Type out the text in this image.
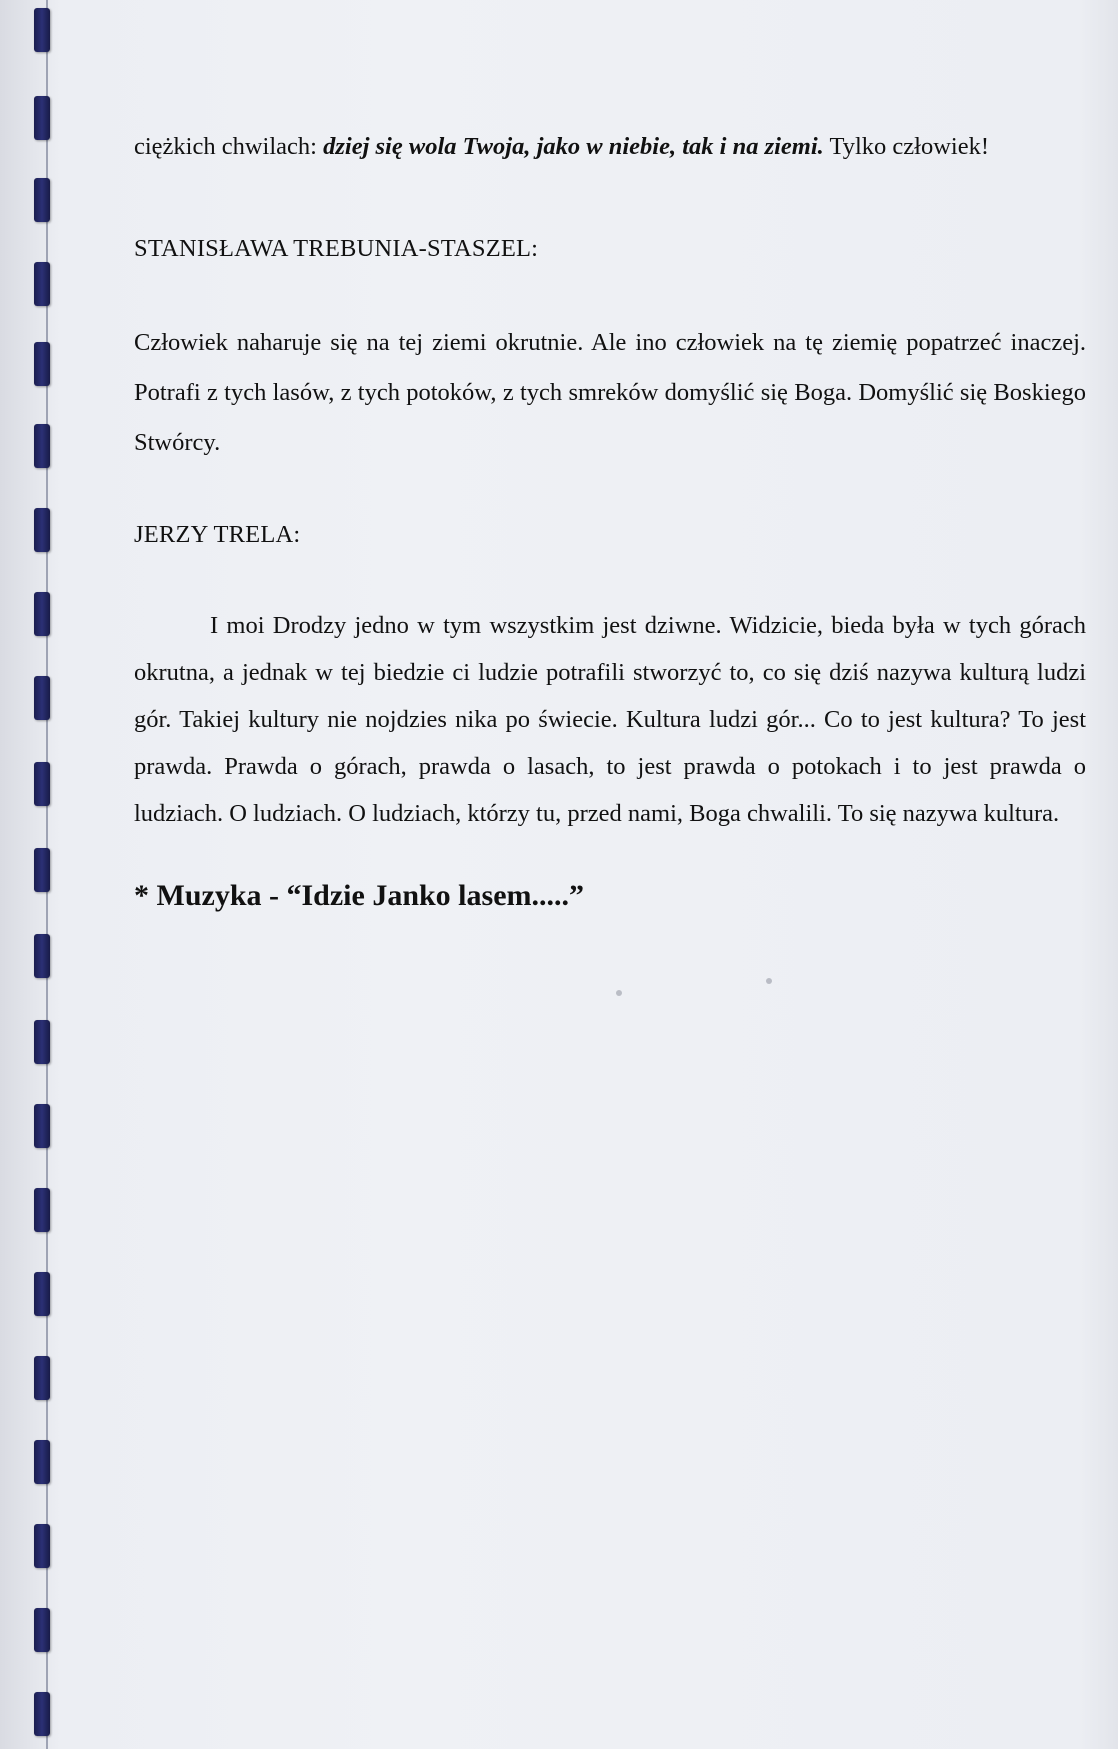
ciężkich chwilach: dziej się wola Twoja, jako w niebie, tak i na ziemi. Tylko człowiek!

STANISŁAWA TREBUNIA-STASZEL:

Człowiek naharuje się na tej ziemi okrutnie. Ale ino człowiek na tę ziemię popatrzeć inaczej. Potrafi z tych lasów, z tych potoków, z tych smreków domyślić się Boga. Domyślić się Boskiego Stwórcy.

JERZY TRELA:

I moi Drodzy jedno w tym wszystkim jest dziwne. Widzicie, bieda była w tych górach okrutna, a jednak w tej biedzie ci ludzie potrafili stworzyć to, co się dziś nazywa kulturą ludzi gór. Takiej kultury nie nojdzies nika po świecie. Kultura ludzi gór... Co to jest kultura? To jest prawda. Prawda o górach, prawda o lasach, to jest prawda o potokach i to jest prawda o ludziach. O ludziach. O ludziach, którzy tu, przed nami, Boga chwalili. To się nazywa kultura.

* Muzyka - “Idzie Janko lasem.....”
